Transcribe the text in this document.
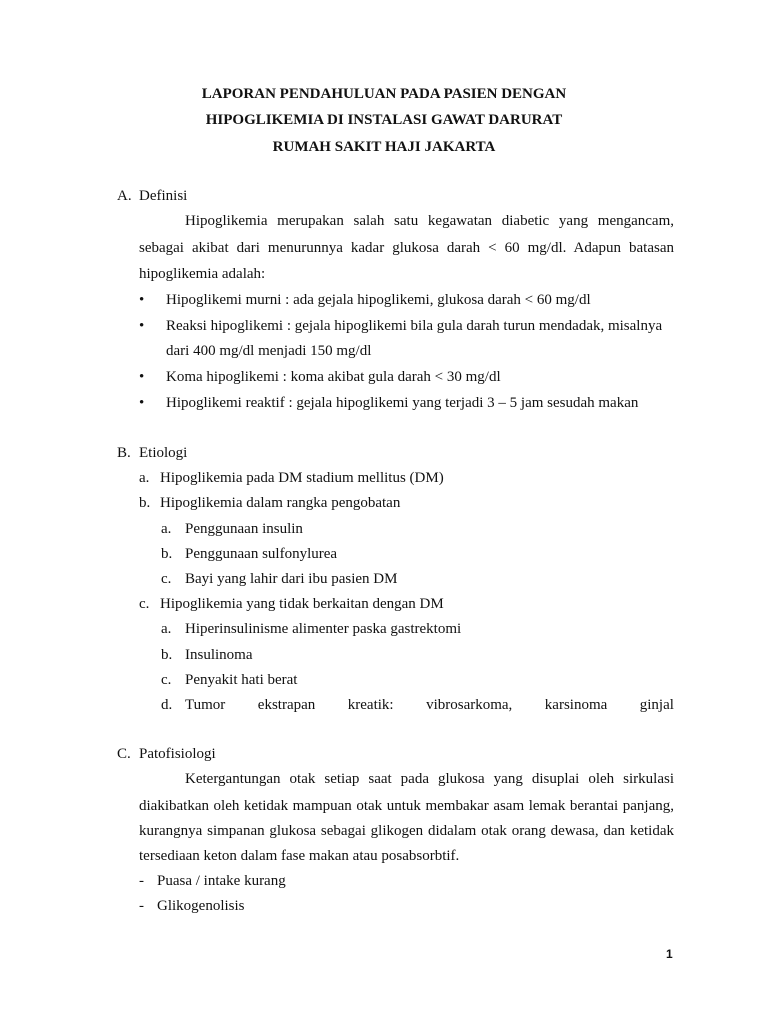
LAPORAN PENDAHULUAN PADA PASIEN DENGAN
HIPOGLIKEMIA DI INSTALASI GAWAT DARURAT
RUMAH SAKIT HAJI JAKARTA
A. Definisi
Hipoglikemia merupakan salah satu kegawatan diabetic yang mengancam,
sebagai akibat dari menurunnya kadar glukosa darah < 60 mg/dl. Adapun batasan
hipoglikemia adalah:
• Hipoglikemi murni : ada gejala hipoglikemi, glukosa darah < 60 mg/dl
• Reaksi hipoglikemi : gejala hipoglikemi bila gula darah turun mendadak, misalnya
dari 400 mg/dl menjadi 150 mg/dl
• Koma hipoglikemi : koma akibat gula darah < 30 mg/dl
• Hipoglikemi reaktif : gejala hipoglikemi yang terjadi 3 – 5 jam sesudah makan
B. Etiologi
a. Hipoglikemia pada DM stadium mellitus (DM)
b. Hipoglikemia dalam rangka pengobatan
a. Penggunaan insulin
b. Penggunaan sulfonylurea
c. Bayi yang lahir dari ibu pasien DM
c. Hipoglikemia yang tidak berkaitan dengan DM
a. Hiperinsulinisme alimenter paska gastrektomi
b. Insulinoma
c. Penyakit hati berat
d. Tumor ekstrapan kreatik: vibrosarkoma, karsinoma ginjal
C. Patofisiologi
Ketergantungan otak setiap saat pada glukosa yang disuplai oleh sirkulasi
diakibatkan oleh ketidak mampuan otak untuk membakar asam lemak berantai panjang,
kurangnya simpanan glukosa sebagai glikogen didalam otak orang dewasa, dan ketidak
tersediaan keton dalam fase makan atau posabsorbtif.
- Puasa / intake kurang
- Glikogenolisis
1
